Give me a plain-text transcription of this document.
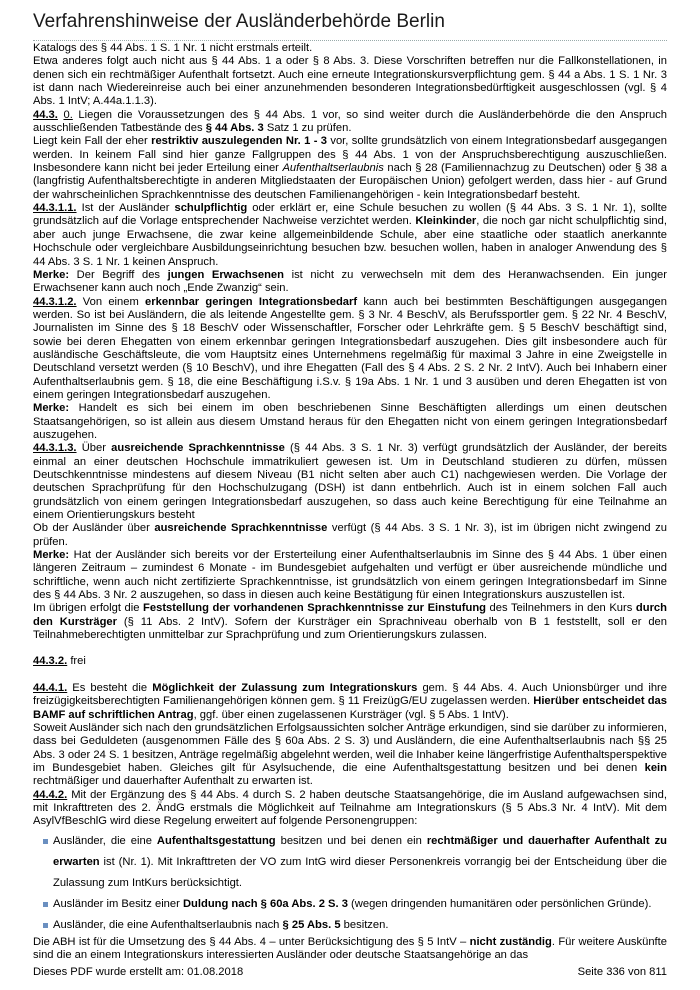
Verfahrenshinweise der Ausländerbehörde Berlin

Katalogs des § 44 Abs. 1 S. 1 Nr. 1 nicht erstmals erteilt.

Etwa anderes folgt auch nicht aus § 44 Abs. 1 a oder § 8 Abs. 3. Diese Vorschriften betreffen nur die Fallkonstellationen, in denen sich ein rechtmäßiger Aufenthalt fortsetzt. Auch eine erneute Integrationskursverpflichtung gem. § 44 a Abs. 1 S. 1 Nr. 3 ist dann nach Wiedereinreise auch bei einer anzunehmenden besonderen Integrationsbedürftigkeit ausgeschlossen (vgl. § 4 Abs. 1 IntV; A.44a.1.1.3).

44.3. 0. Liegen die Voraussetzungen des § 44 Abs. 1 vor, so sind weiter durch die Ausländerbehörde die den Anspruch ausschließenden Tatbestände des § 44 Abs. 3 Satz 1 zu prüfen.

Liegt kein Fall der eher restriktiv auszulegenden Nr. 1 - 3 vor, sollte grundsätzlich von einem Integrationsbedarf ausgegangen werden. In keinem Fall sind hier ganze Fallgruppen des § 44 Abs. 1 von der Anspruchsberechtigung auszuschließen. Insbesondere kann nicht bei jeder Erteilung einer Aufenthaltserlaubnis nach § 28 (Familiennachzug zu Deutschen) oder § 38 a (langfristig Aufenthaltsberechtigte in anderen Mitgliedstaaten der Europäischen Union) gefolgert werden, dass hier - auf Grund der wahrscheinlichen Sprachkenntnisse des deutschen Familienangehörigen - kein Integrationsbedarf besteht.

44.3.1.1. Ist der Ausländer schulpflichtig oder erklärt er, eine Schule besuchen zu wollen (§ 44 Abs. 3 S. 1 Nr. 1), sollte grundsätzlich auf die Vorlage entsprechender Nachweise verzichtet werden. Kleinkinder, die noch gar nicht schulpflichtig sind, aber auch junge Erwachsene, die zwar keine allgemeinbildende Schule, aber eine staatliche oder staatlich anerkannte Hochschule oder vergleichbare Ausbildungseinrichtung besuchen bzw. besuchen wollen, haben in analoger Anwendung des § 44 Abs. 3 S. 1 Nr. 1 keinen Anspruch.

Merke: Der Begriff des jungen Erwachsenen ist nicht zu verwechseln mit dem des Heranwachsenden. Ein junger Erwachsener kann auch noch „Ende Zwanzig“ sein.

44.3.1.2. Von einem erkennbar geringen Integrationsbedarf kann auch bei bestimmten Beschäftigungen ausgegangen werden. So ist bei Ausländern, die als leitende Angestellte gem. § 3 Nr. 4 BeschV, als Berufssportler gem. § 22 Nr. 4 BeschV, Journalisten im Sinne des § 18 BeschV oder Wissenschaftler, Forscher oder Lehrkräfte gem. § 5 BeschV beschäftigt sind, sowie bei deren Ehegatten von einem erkennbar geringen Integrationsbedarf auszugehen. Dies gilt insbesondere auch für ausländische Geschäftsleute, die vom Hauptsitz eines Unternehmens regelmäßig für maximal 3 Jahre in eine Zweigstelle in Deutschland versetzt werden (§ 10 BeschV), und ihre Ehegatten (Fall des § 4 Abs. 2 S. 2 Nr. 2 IntV). Auch bei Inhabern einer Aufenthaltserlaubnis gem. § 18, die eine Beschäftigung i.S.v. § 19a Abs. 1 Nr. 1 und 3 ausüben und deren Ehegatten ist von einem geringen Integrationsbedarf auszugehen.

Merke: Handelt es sich bei einem im oben beschriebenen Sinne Beschäftigten allerdings um einen deutschen Staatsangehörigen, so ist allein aus diesem Umstand heraus für den Ehegatten nicht von einem geringen Integrationsbedarf auszugehen.

44.3.1.3. Über ausreichende Sprachkenntnisse (§ 44 Abs. 3 S. 1 Nr. 3) verfügt grundsätzlich der Ausländer, der bereits einmal an einer deutschen Hochschule immatrikuliert gewesen ist. Um in Deutschland studieren zu dürfen, müssen Deutschkenntnisse mindestens auf diesem Niveau (B1 nicht selten aber auch C1) nachgewiesen werden. Die Vorlage der deutschen Sprachprüfung für den Hochschulzugang (DSH) ist dann entbehrlich. Auch ist in einem solchen Fall auch grundsätzlich von einem geringen Integrationsbedarf auszugehen, so dass auch keine Berechtigung für eine Teilnahme an einem Orientierungskurs besteht

Ob der Ausländer über ausreichende Sprachkenntnisse verfügt (§ 44 Abs. 3 S. 1 Nr. 3), ist im übrigen nicht zwingend zu prüfen.

Merke: Hat der Ausländer sich bereits vor der Ersterteilung einer Aufenthaltserlaubnis im Sinne des § 44 Abs. 1 über einen längeren Zeitraum – zumindest 6 Monate - im Bundesgebiet aufgehalten und verfügt er über ausreichende mündliche und schriftliche, wenn auch nicht zertifizierte Sprachkenntnisse, ist grundsätzlich von einem geringen Integrationsbedarf im Sinne des § 44 Abs. 3 Nr. 2 auszugehen, so dass in diesen auch keine Bestätigung für einen Integrationskurs auszustellen ist.

Im übrigen erfolgt die Feststellung der vorhandenen Sprachkenntnisse zur Einstufung des Teilnehmers in den Kurs durch den Kursträger (§ 11 Abs. 2 IntV). Sofern der Kursträger ein Sprachniveau oberhalb von B 1 feststellt, soll er den Teilnahmeberechtigten unmittelbar zur Sprachprüfung und zum Orientierungskurs zulassen.

44.3.2. frei

44.4.1. Es besteht die Möglichkeit der Zulassung zum Integrationskurs gem. § 44 Abs. 4. Auch Unionsbürger und ihre freizügigkeitsberechtigten Familienangehörigen können gem. § 11 FreizügG/EU zugelassen werden. Hierüber entscheidet das BAMF auf schriftlichen Antrag, ggf. über einen zugelassenen Kursträger (vgl. § 5 Abs. 1 IntV).

Soweit Ausländer sich nach den grundsätzlichen Erfolgsaussichten solcher Anträge erkundigen, sind sie darüber zu informieren, dass bei Geduldeten (ausgenommen Fälle des § 60a Abs. 2 S. 3) und Ausländern, die eine Aufenthaltserlaubnis nach §§ 25 Abs. 3 oder 24 S. 1 besitzen, Anträge regelmäßig abgelehnt werden, weil die Inhaber keine längerfristige Aufenthaltsperspektive im Bundesgebiet haben. Gleiches gilt für Asylsuchende, die eine Aufenthaltsgestattung besitzen und bei denen kein rechtmäßiger und dauerhafter Aufenthalt zu erwarten ist.

44.4.2. Mit der Ergänzung des § 44 Abs. 4 durch S. 2 haben deutsche Staatsangehörige, die im Ausland aufgewachsen sind, mit Inkrafttreten des 2. ÄndG erstmals die Möglichkeit auf Teilnahme am Integrationskurs (§ 5 Abs.3 Nr. 4 IntV). Mit dem AsylVfBeschlG wird diese Regelung erweitert auf folgende Personengruppen:

Ausländer, die eine Aufenthaltsgestattung besitzen und bei denen ein rechtmäßiger und dauerhafter Aufenthalt zu erwarten ist (Nr. 1). Mit Inkrafttreten der VO zum IntG wird dieser Personenkreis vorrangig bei der Entscheidung über die Zulassung zum IntKurs berücksichtigt.
Ausländer im Besitz einer Duldung nach § 60a Abs. 2 S. 3 (wegen dringenden humanitären oder persönlichen Gründe).
Ausländer, die eine Aufenthaltserlaubnis nach § 25 Abs. 5 besitzen.

Die ABH ist für die Umsetzung des § 44 Abs. 4 – unter Berücksichtigung des § 5 IntV – nicht zuständig. Für weitere Auskünfte sind die an einem Integrationskurs interessierten Ausländer oder deutsche Staatsangehörige an das

Dieses PDF wurde erstellt am: 01.08.2018	Seite 336 von 811
